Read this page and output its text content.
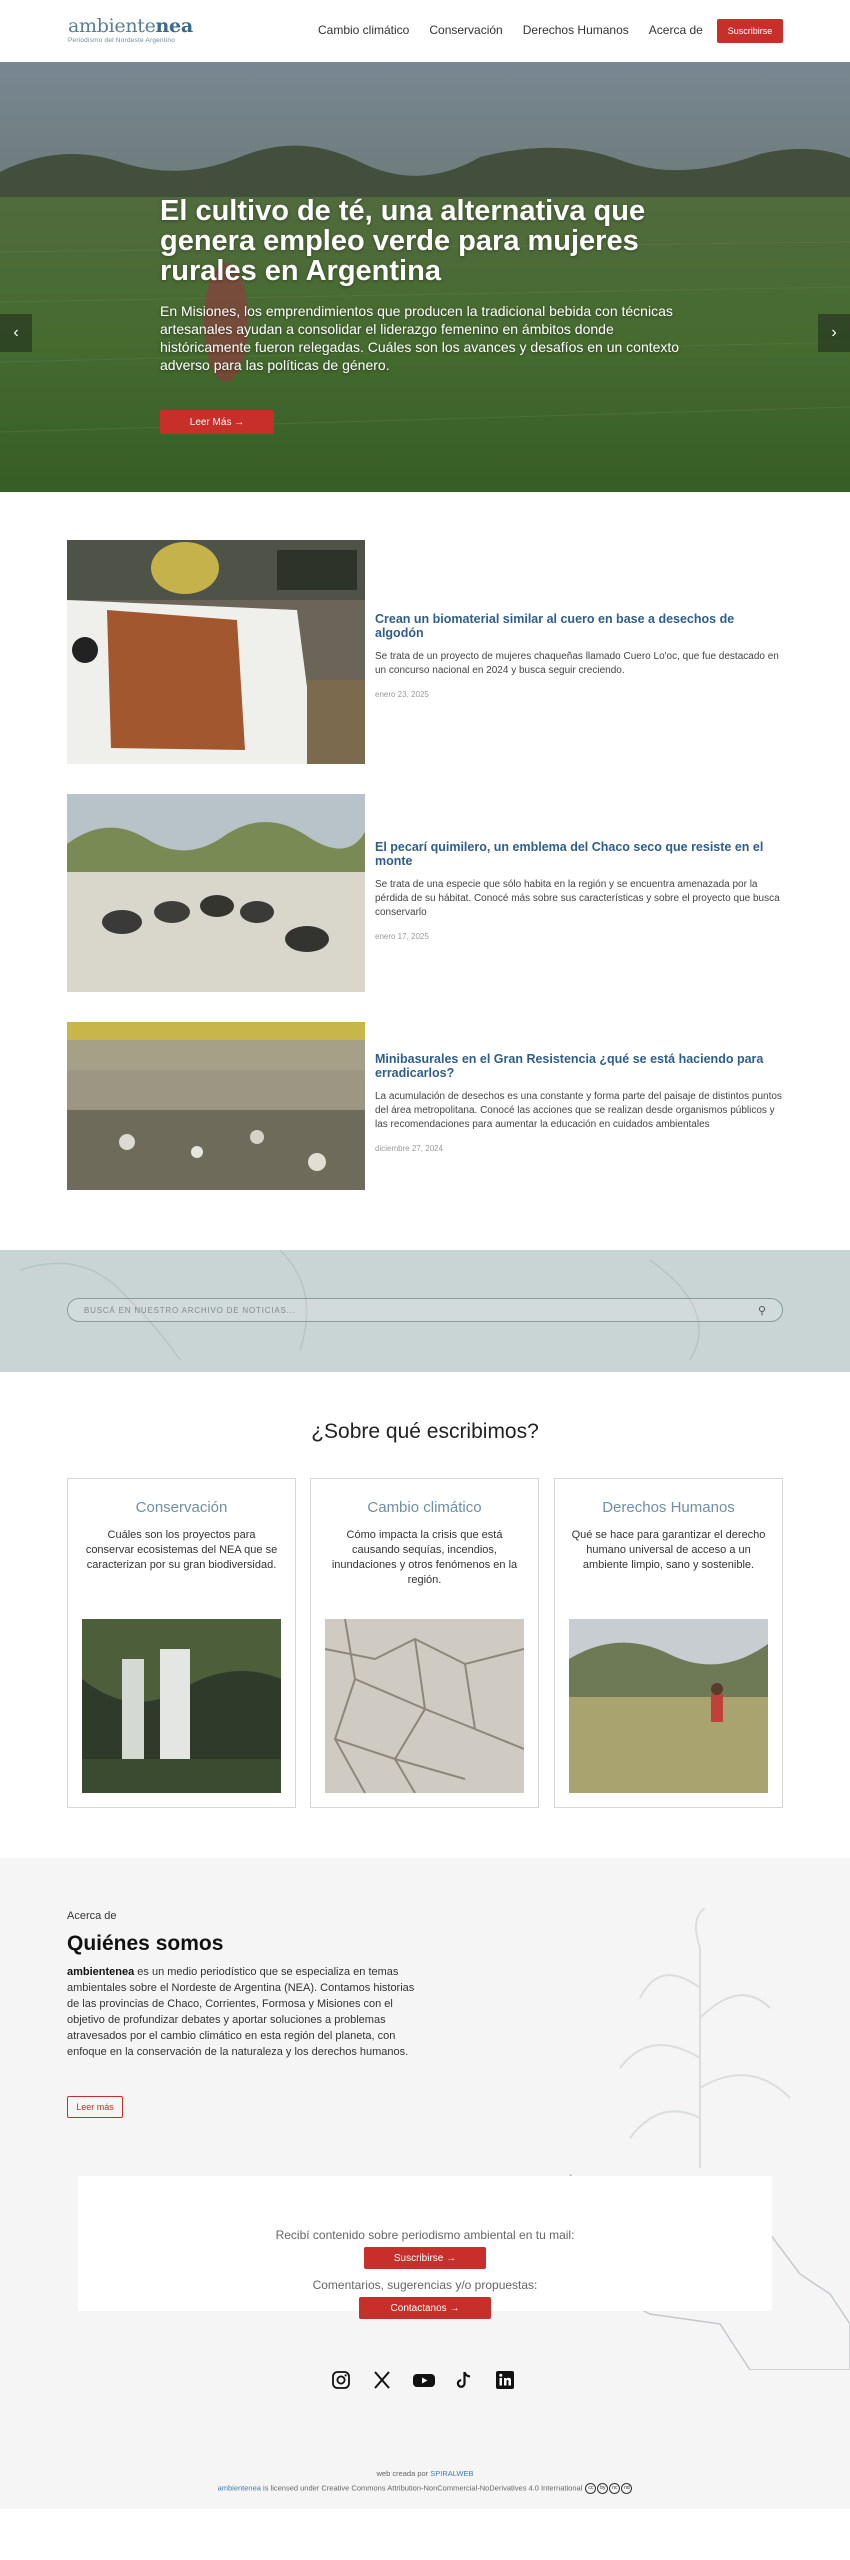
ambientenea
Periodismo del Nordeste Argentino
Cambio climático Conservación Derechos Humanos Acerca de	Suscribirse
‹	›
El cultivo de té, una alternativa que genera empleo verde para mujeres rurales en Argentina

En Misiones, los emprendimientos que producen la tradicional bebida con técnicas artesanales ayudan a consolidar el liderazgo femenino en ámbitos donde históricamente fueron relegadas. Cuáles son los avances y desafíos en un contexto adverso para las políticas de género.

Leer Más →
Crean un biomaterial similar al cuero en base a desechos de algodón
Se trata de un proyecto de mujeres chaqueñas llamado Cuero Lo'oc, que fue destacado en un concurso nacional en 2024 y busca seguir creciendo.
enero 23, 2025
El pecarí quimilero, un emblema del Chaco seco que resiste en el monte
Se trata de una especie que sólo habita en la región y se encuentra amenazada por la pérdida de su hábitat. Conocé más sobre sus características y sobre el proyecto que busca conservarlo
enero 17, 2025
Minibasurales en el Gran Resistencia ¿qué se está haciendo para erradicarlos?
La acumulación de desechos es una constante y forma parte del paisaje de distintos puntos del área metropolitana. Conocé las acciones que se realizan desde organismos públicos y las recomendaciones para aumentar la educación en cuidados ambientales
diciembre 27, 2024
BUSCÁ EN NUESTRO ARCHIVO DE NOTICIAS...	⚲
¿Sobre qué escribimos?
Conservación
Cuáles son los proyectos para conservar ecosistemas del NEA que se caracterizan por su gran biodiversidad.
Cambio climático
Cómo impacta la crisis que está causando sequías, incendios, inundaciones y otros fenómenos en la región.
Derechos Humanos
Qué se hace para garantizar el derecho humano universal de acceso a un ambiente limpio, sano y sostenible.
Acerca de
Quiénes somos

ambientenea es un medio periodístico que se especializa en temas ambientales sobre el Nordeste de Argentina (NEA). Contamos historias de las provincias de Chaco, Corrientes, Formosa y Misiones con el objetivo de profundizar debates y aportar soluciones a problemas atravesados por el cambio climático en esta región del planeta, con enfoque en la conservación de la naturaleza y los derechos humanos.

Leer más
Recibí contenido sobre periodismo ambiental en tu mail:
Suscribirse →
Comentarios, sugerencias y/o propuestas:
Contactanos →
web creada por SPIRALWEB
ambientenea is licensed under Creative Commons Attribution-NonCommercial-NoDerivatives 4.0 International cc by nc nd
